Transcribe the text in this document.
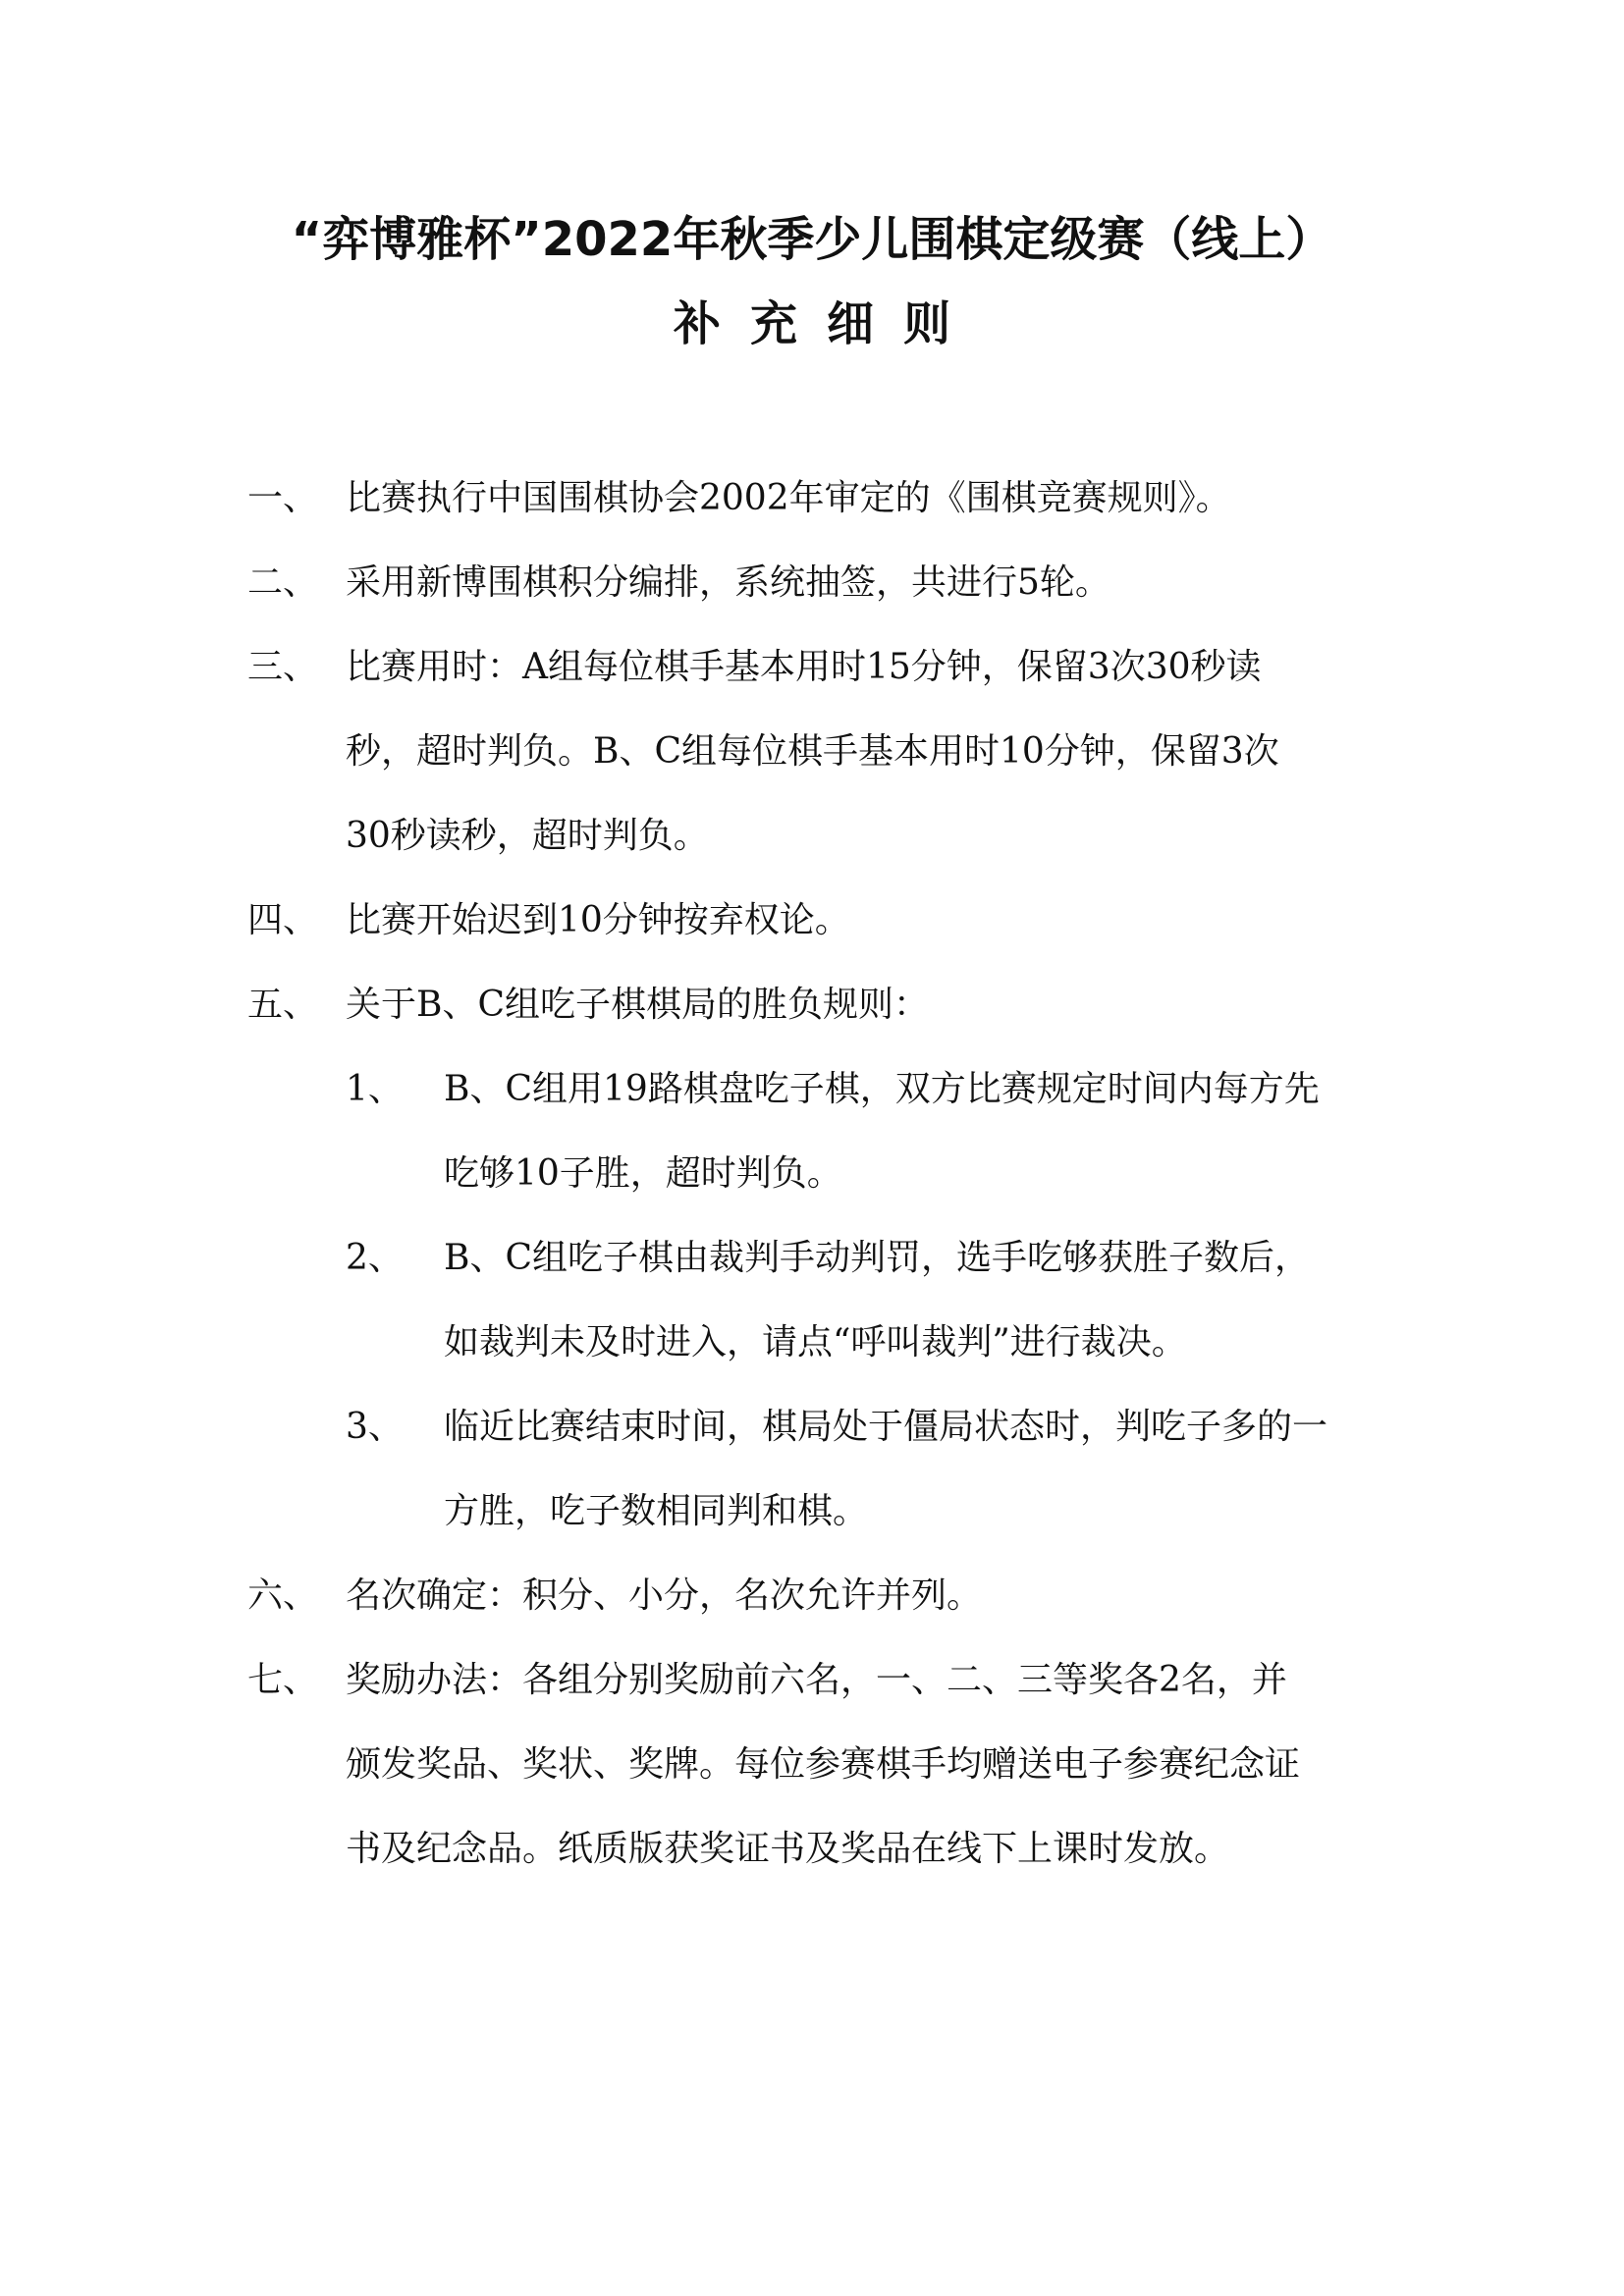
“弈博雅杯”2022年秋季少儿围棋定级赛（线上）
补充细则
一、 比赛执行中国围棋协会2002年审定的《围棋竞赛规则》。
二、 采用新博围棋积分编排，系统抽签，共进行5轮。
三、 比赛用时：A组每位棋手基本用时15分钟，保留3次30秒读
秒，超时判负。B、C组每位棋手基本用时10分钟，保留3次
30秒读秒，超时判负。
四、 比赛开始迟到10分钟按弃权论。
五、 关于B、C组吃子棋棋局的胜负规则：
1、 B、C组用19路棋盘吃子棋，双方比赛规定时间内每方先
吃够10子胜，超时判负。
2、 B、C组吃子棋由裁判手动判罚，选手吃够获胜子数后，
如裁判未及时进入，请点“呼叫裁判”进行裁决。
3、 临近比赛结束时间，棋局处于僵局状态时，判吃子多的一
方胜，吃子数相同判和棋。
六、 名次确定：积分、小分，名次允许并列。
七、 奖励办法：各组分别奖励前六名，一、二、三等奖各2名，并
颁发奖品、奖状、奖牌。每位参赛棋手均赠送电子参赛纪念证
书及纪念品。纸质版获奖证书及奖品在线下上课时发放。
